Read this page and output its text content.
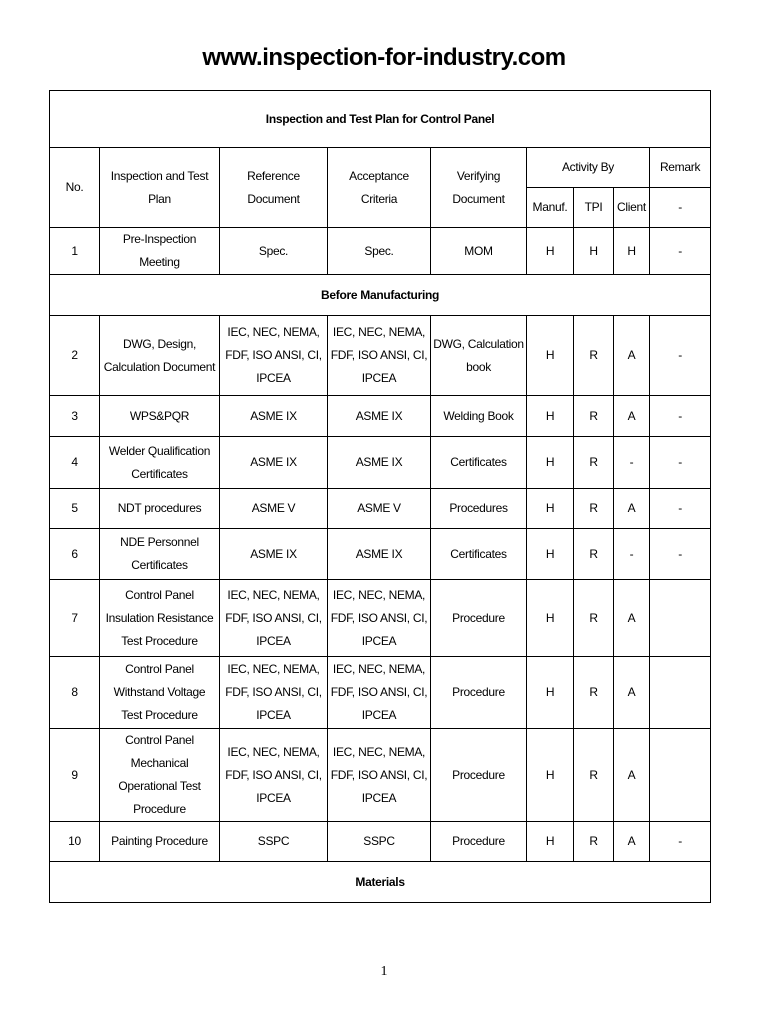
www.inspection-for-industry.com
Inspection and Test Plan for Control Panel								
No.	Inspection and Test Plan	Reference Document	Acceptance Criteria	Verifying Document	Activity By			Remark
					Manuf.	TPI	Client	-
1	Pre-Inspection Meeting	Spec.	Spec.	MOM	H	H	H	-
Before Manufacturing								
2	DWG, Design, Calculation Document	IEC, NEC, NEMA, FDF, ISO ANSI, CI, IPCEA	IEC, NEC, NEMA, FDF, ISO ANSI, CI, IPCEA	DWG, Calculation book	H	R	A	-
3	WPS&PQR	ASME IX	ASME IX	Welding Book	H	R	A	-
4	Welder Qualification Certificates	ASME IX	ASME IX	Certificates	H	R	-	-
5	NDT procedures	ASME V	ASME V	Procedures	H	R	A	-
6	NDE Personnel Certificates	ASME IX	ASME IX	Certificates	H	R	-	-
7	Control Panel Insulation Resistance Test Procedure	IEC, NEC, NEMA, FDF, ISO ANSI, CI, IPCEA	IEC, NEC, NEMA, FDF, ISO ANSI, CI, IPCEA	Procedure	H	R	A	
8	Control Panel Withstand Voltage Test Procedure	IEC, NEC, NEMA, FDF, ISO ANSI, CI, IPCEA	IEC, NEC, NEMA, FDF, ISO ANSI, CI, IPCEA	Procedure	H	R	A	
9	Control Panel Mechanical Operational Test Procedure	IEC, NEC, NEMA, FDF, ISO ANSI, CI, IPCEA	IEC, NEC, NEMA, FDF, ISO ANSI, CI, IPCEA	Procedure	H	R	A	
10	Painting Procedure	SSPC	SSPC	Procedure	H	R	A	-
Materials								
1
